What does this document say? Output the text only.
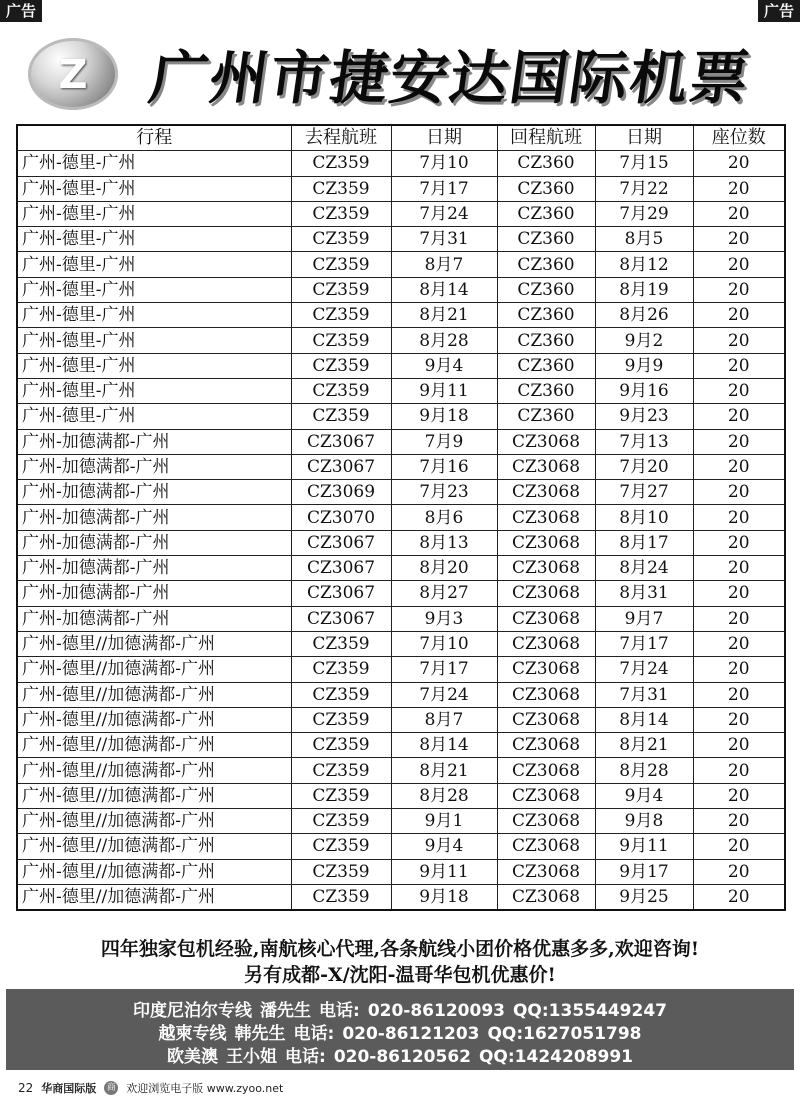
广告	广告
Z 广州市捷安达国际机票
行程	去程航班	日期	回程航班	日期	座位数
广州-德里-广州	CZ359	7月10	CZ360	7月15	20
广州-德里-广州	CZ359	7月17	CZ360	7月22	20
广州-德里-广州	CZ359	7月24	CZ360	7月29	20
广州-德里-广州	CZ359	7月31	CZ360	8月5	20
广州-德里-广州	CZ359	8月7	CZ360	8月12	20
广州-德里-广州	CZ359	8月14	CZ360	8月19	20
广州-德里-广州	CZ359	8月21	CZ360	8月26	20
广州-德里-广州	CZ359	8月28	CZ360	9月2	20
广州-德里-广州	CZ359	9月4	CZ360	9月9	20
广州-德里-广州	CZ359	9月11	CZ360	9月16	20
广州-德里-广州	CZ359	9月18	CZ360	9月23	20
广州-加德满都-广州	CZ3067	7月9	CZ3068	7月13	20
广州-加德满都-广州	CZ3067	7月16	CZ3068	7月20	20
广州-加德满都-广州	CZ3069	7月23	CZ3068	7月27	20
广州-加德满都-广州	CZ3070	8月6	CZ3068	8月10	20
广州-加德满都-广州	CZ3067	8月13	CZ3068	8月17	20
广州-加德满都-广州	CZ3067	8月20	CZ3068	8月24	20
广州-加德满都-广州	CZ3067	8月27	CZ3068	8月31	20
广州-加德满都-广州	CZ3067	9月3	CZ3068	9月7	20
广州-德里//加德满都-广州	CZ359	7月10	CZ3068	7月17	20
广州-德里//加德满都-广州	CZ359	7月17	CZ3068	7月24	20
广州-德里//加德满都-广州	CZ359	7月24	CZ3068	7月31	20
广州-德里//加德满都-广州	CZ359	8月7	CZ3068	8月14	20
广州-德里//加德满都-广州	CZ359	8月14	CZ3068	8月21	20
广州-德里//加德满都-广州	CZ359	8月21	CZ3068	8月28	20
广州-德里//加德满都-广州	CZ359	8月28	CZ3068	9月4	20
广州-德里//加德满都-广州	CZ359	9月1	CZ3068	9月8	20
广州-德里//加德满都-广州	CZ359	9月4	CZ3068	9月11	20
广州-德里//加德满都-广州	CZ359	9月11	CZ3068	9月17	20
广州-德里//加德满都-广州	CZ359	9月18	CZ3068	9月25	20
四年独家包机经验,南航核心代理,各条航线小团价格优惠多多,欢迎咨询!
另有成都-X/沈阳-温哥华包机优惠价!
印度尼泊尔专线 潘先生 电话: 020-86120093 QQ:1355449247
越柬专线 韩先生 电话: 020-86121203 QQ:1627051798
欧美澳 王小姐 电话: 020-86120562 QQ:1424208991
22 华商国际版 商 欢迎浏览电子版 www.zyoo.net
